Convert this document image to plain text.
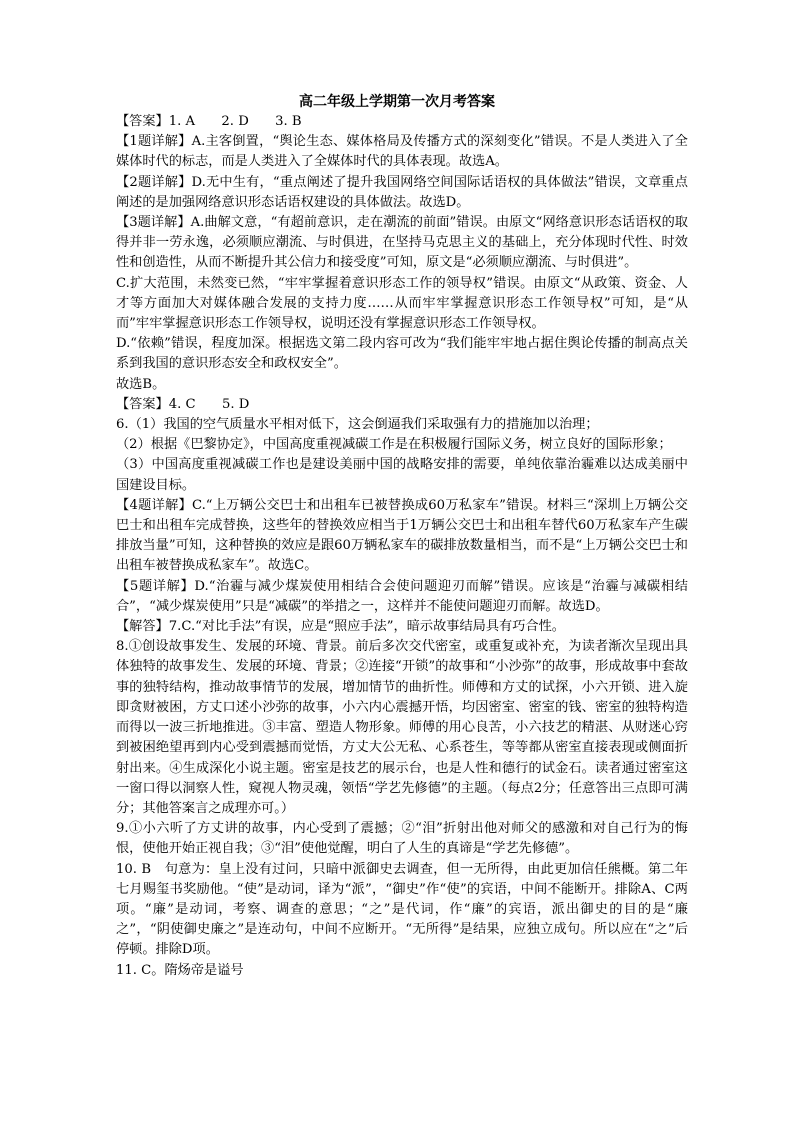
高二年级上学期第一次月考答案

【答案】1. A　　2. D　　3. B

【1题详解】A.主客倒置，“舆论生态、媒体格局及传播方式的深刻变化”错误。不是人类进入了全媒体时代的标志，而是人类进入了全媒体时代的具体表现。故选A。

【2题详解】D.无中生有，“重点阐述了提升我国网络空间国际话语权的具体做法”错误，文章重点阐述的是加强网络意识形态话语权建设的具体做法。故选D。

【3题详解】A.曲解文意，“有超前意识，走在潮流的前面”错误。由原文“网络意识形态话语权的取得并非一劳永逸，必须顺应潮流、与时俱进，在坚持马克思主义的基础上，充分体现时代性、时效性和创造性，从而不断提升其公信力和接受度”可知，原文是“必须顺应潮流、与时俱进”。

C.扩大范围，未然变已然，“牢牢掌握着意识形态工作的领导权”错误。由原文“从政策、资金、人才等方面加大对媒体融合发展的支持力度……从而牢牢掌握意识形态工作领导权”可知，是“从而”牢牢掌握意识形态工作领导权，说明还没有掌握意识形态工作领导权。

D.“依赖”错误，程度加深。根据选文第二段内容可改为“我们能牢牢地占据住舆论传播的制高点关系到我国的意识形态安全和政权安全”。

故选B。

【答案】4. C　　5. D

6.（1）我国的空气质量水平相对低下，这会倒逼我们采取强有力的措施加以治理；

（2）根据《巴黎协定》，中国高度重视减碳工作是在积极履行国际义务，树立良好的国际形象；

（3）中国高度重视减碳工作也是建设美丽中国的战略安排的需要，单纯依靠治霾难以达成美丽中国建设目标。

【4题详解】C.“上万辆公交巴士和出租车已被替换成60万私家车”错误。材料三“深圳上万辆公交巴士和出租车完成替换，这些年的替换效应相当于1万辆公交巴士和出租车替代60万私家车产生碳排放当量”可知，这种替换的效应是跟60万辆私家车的碳排放数量相当，而不是“上万辆公交巴士和出租车被替换成私家车”。故选C。

【5题详解】D.“治霾与减少煤炭使用相结合会使问题迎刃而解”错误。应该是“治霾与减碳相结合”，“减少煤炭使用”只是“减碳”的举措之一，这样并不能使问题迎刃而解。故选D。

【解答】7.C.“对比手法”有误，应是“照应手法”，暗示故事结局具有巧合性。

8.①创设故事发生、发展的环境、背景。前后多次交代密室，或重复或补充，为读者渐次呈现出具体独特的故事发生、发展的环境、背景；②连接“开锁”的故事和“小沙弥”的故事，形成故事中套故事的独特结构，推动故事情节的发展，增加情节的曲折性。师傅和方丈的试探，小六开锁、进入旋即贪财被困，方丈口述小沙弥的故事，小六内心震撼开悟，均因密室、密室的钱、密室的独特构造而得以一波三折地推进。③丰富、塑造人物形象。师傅的用心良苦，小六技艺的精湛、从财迷心窍到被困绝望再到内心受到震撼而觉悟，方丈大公无私、心系苍生，等等都从密室直接表现或侧面折射出来。④生成深化小说主题。密室是技艺的展示台，也是人性和德行的试金石。读者通过密室这一窗口得以洞察人性，窥视人物灵魂，领悟“学艺先修德”的主题。（每点2分；任意答出三点即可满分；其他答案言之成理亦可。）

9.①小六听了方丈讲的故事，内心受到了震撼；②“泪”折射出他对师父的感激和对自己行为的悔恨，使他开始正视自我；③“泪”使他觉醒，明白了人生的真谛是“学艺先修德”。

10. B　句意为：皇上没有过问，只暗中派御史去调查，但一无所得，由此更加信任熊概。第二年七月赐玺书奖励他。“使”是动词，译为“派”，“御史”作“使”的宾语，中间不能断开。排除A、C两项。“廉”是动词，考察、调查的意思；“之”是代词，作“廉”的宾语，派出御史的目的是“廉之”，“阴使御史廉之”是连动句，中间不应断开。“无所得”是结果，应独立成句。所以应在“之”后停顿。排除D项。

11. C。隋炀帝是谥号
